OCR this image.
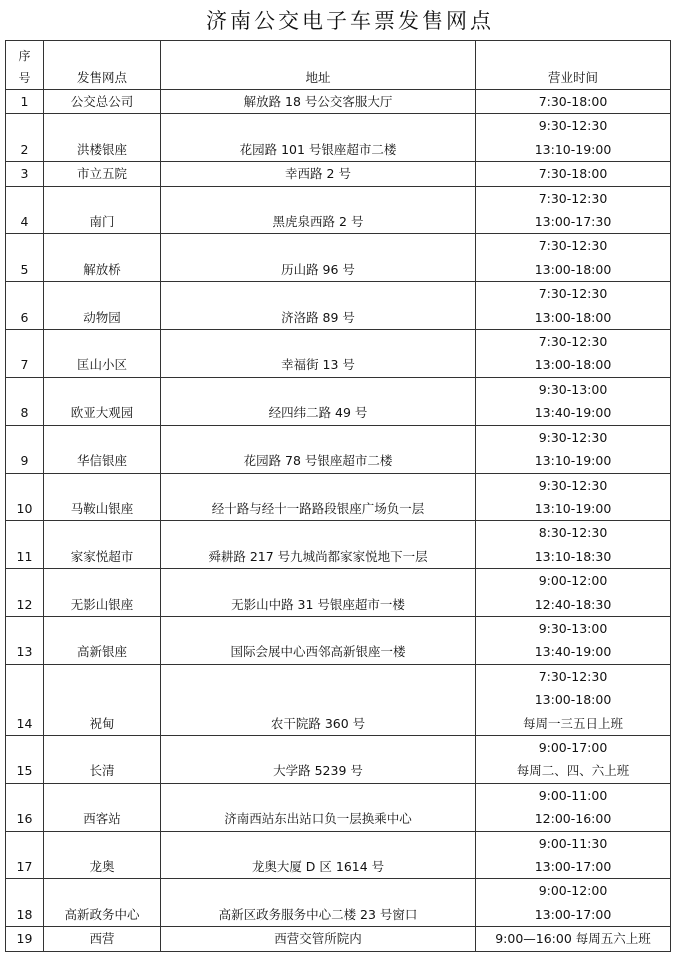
济南公交电子车票发售网点
序
号	发售网点	地址	营业时间
1	公交总公司	解放路 18 号公交客服大厅	7:30-18:00

2	洪楼银座	花园路 101 号银座超市二楼	9:30-12:30
13:10-19:00

3	市立五院	幸西路 2 号	7:30-18:00

4	南门	黑虎泉西路 2 号	7:30-12:30
13:00-17:30

5	解放桥	历山路 96 号	7:30-12:30
13:00-18:00

6	动物园	济洛路 89 号	7:30-12:30
13:00-18:00

7	匡山小区	幸福街 13 号	7:30-12:30
13:00-18:00

8	欧亚大观园	经四纬二路 49 号	9:30-13:00
13:40-19:00

9	华信银座	花园路 78 号银座超市二楼	9:30-12:30
13:10-19:00

10	马鞍山银座	经十路与经十一路路段银座广场负一层	9:30-12:30
13:10-19:00

11	家家悦超市	舜耕路 217 号九城尚都家家悦地下一层	8:30-12:30
13:10-18:30

12	无影山银座	无影山中路 31 号银座超市一楼	9:00-12:00
12:40-18:30

13	高新银座	国际会展中心西邻高新银座一楼	9:30-13:00
13:40-19:00

14	祝甸	农干院路 360 号	7:30-12:30
13:00-18:00
每周一三五日上班

15	长清	大学路 5239 号	9:00-17:00
每周二、四、六上班

16	西客站	济南西站东出站口负一层换乘中心	9:00-11:00
12:00-16:00

17	龙奥	龙奥大厦 D 区 1614 号	9:00-11:30
13:00-17:00

18	高新政务中心	高新区政务服务中心二楼 23 号窗口	9:00-12:00
13:00-17:00

19	西营	西营交管所院内	9:00—16:00 每周五六上班
